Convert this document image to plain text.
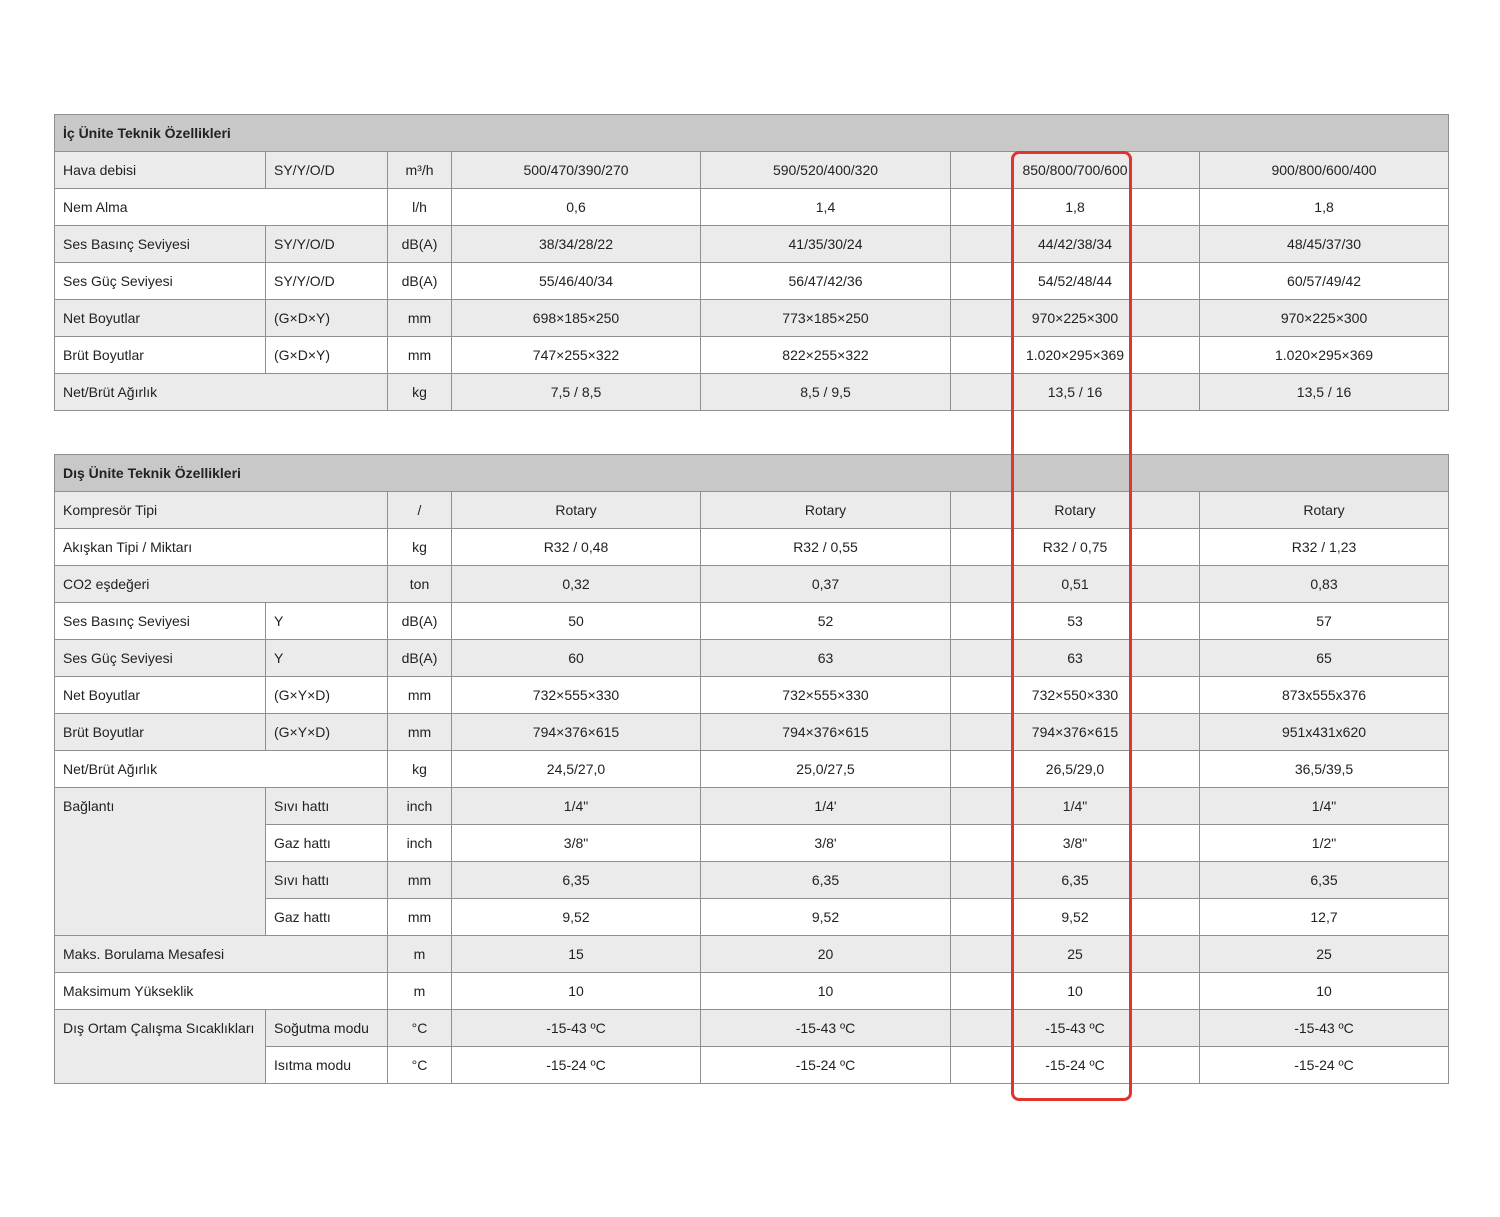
İç Ünite Teknik Özellikleri						
Hava debisi	SY/Y/O/D	m³/h	500/470/390/270	590/520/400/320	850/800/700/600	900/800/600/400
Nem Alma		l/h	0,6	1,4	1,8	1,8
Ses Basınç Seviyesi	SY/Y/O/D	dB(A)	38/34/28/22	41/35/30/24	44/42/38/34	48/45/37/30
Ses Güç Seviyesi	SY/Y/O/D	dB(A)	55/46/40/34	56/47/42/36	54/52/48/44	60/57/49/42
Net Boyutlar	(G×D×Y)	mm	698×185×250	773×185×250	970×225×300	970×225×300
Brüt Boyutlar	(G×D×Y)	mm	747×255×322	822×255×322	1.020×295×369	1.020×295×369
Net/Brüt Ağırlık		kg	7,5 / 8,5	8,5 / 9,5	13,5 / 16	13,5 / 16
Dış Ünite Teknik Özellikleri						
Kompresör Tipi		/	Rotary	Rotary	Rotary	Rotary
Akışkan Tipi / Miktarı		kg	R32 / 0,48	R32 / 0,55	R32 / 0,75	R32 / 1,23
CO2 eşdeğeri		ton	0,32	0,37	0,51	0,83
Ses Basınç Seviyesi	Y	dB(A)	50	52	53	57
Ses Güç Seviyesi	Y	dB(A)	60	63	63	65
Net Boyutlar	(G×Y×D)	mm	732×555×330	732×555×330	732×550×330	873x555x376
Brüt Boyutlar	(G×Y×D)	mm	794×376×615	794×376×615	794×376×615	951x431x620
Net/Brüt Ağırlık		kg	24,5/27,0	25,0/27,5	26,5/29,0	36,5/39,5
Bağlantı	Sıvı hattı	inch	1/4"	1/4'	1/4"	1/4"
	Gaz hattı	inch	3/8"	3/8'	3/8"	1/2"
	Sıvı hattı	mm	6,35	6,35	6,35	6,35
	Gaz hattı	mm	9,52	9,52	9,52	12,7
Maks. Borulama Mesafesi		m	15	20	25	25
Maksimum Yükseklik		m	10	10	10	10
Dış Ortam Çalışma Sıcaklıkları	Soğutma modu	°C	-15-43 ºC	-15-43 ºC	-15-43 ºC	-15-43 ºC
	Isıtma modu	°C	-15-24 ºC	-15-24 ºC	-15-24 ºC	-15-24 ºC
